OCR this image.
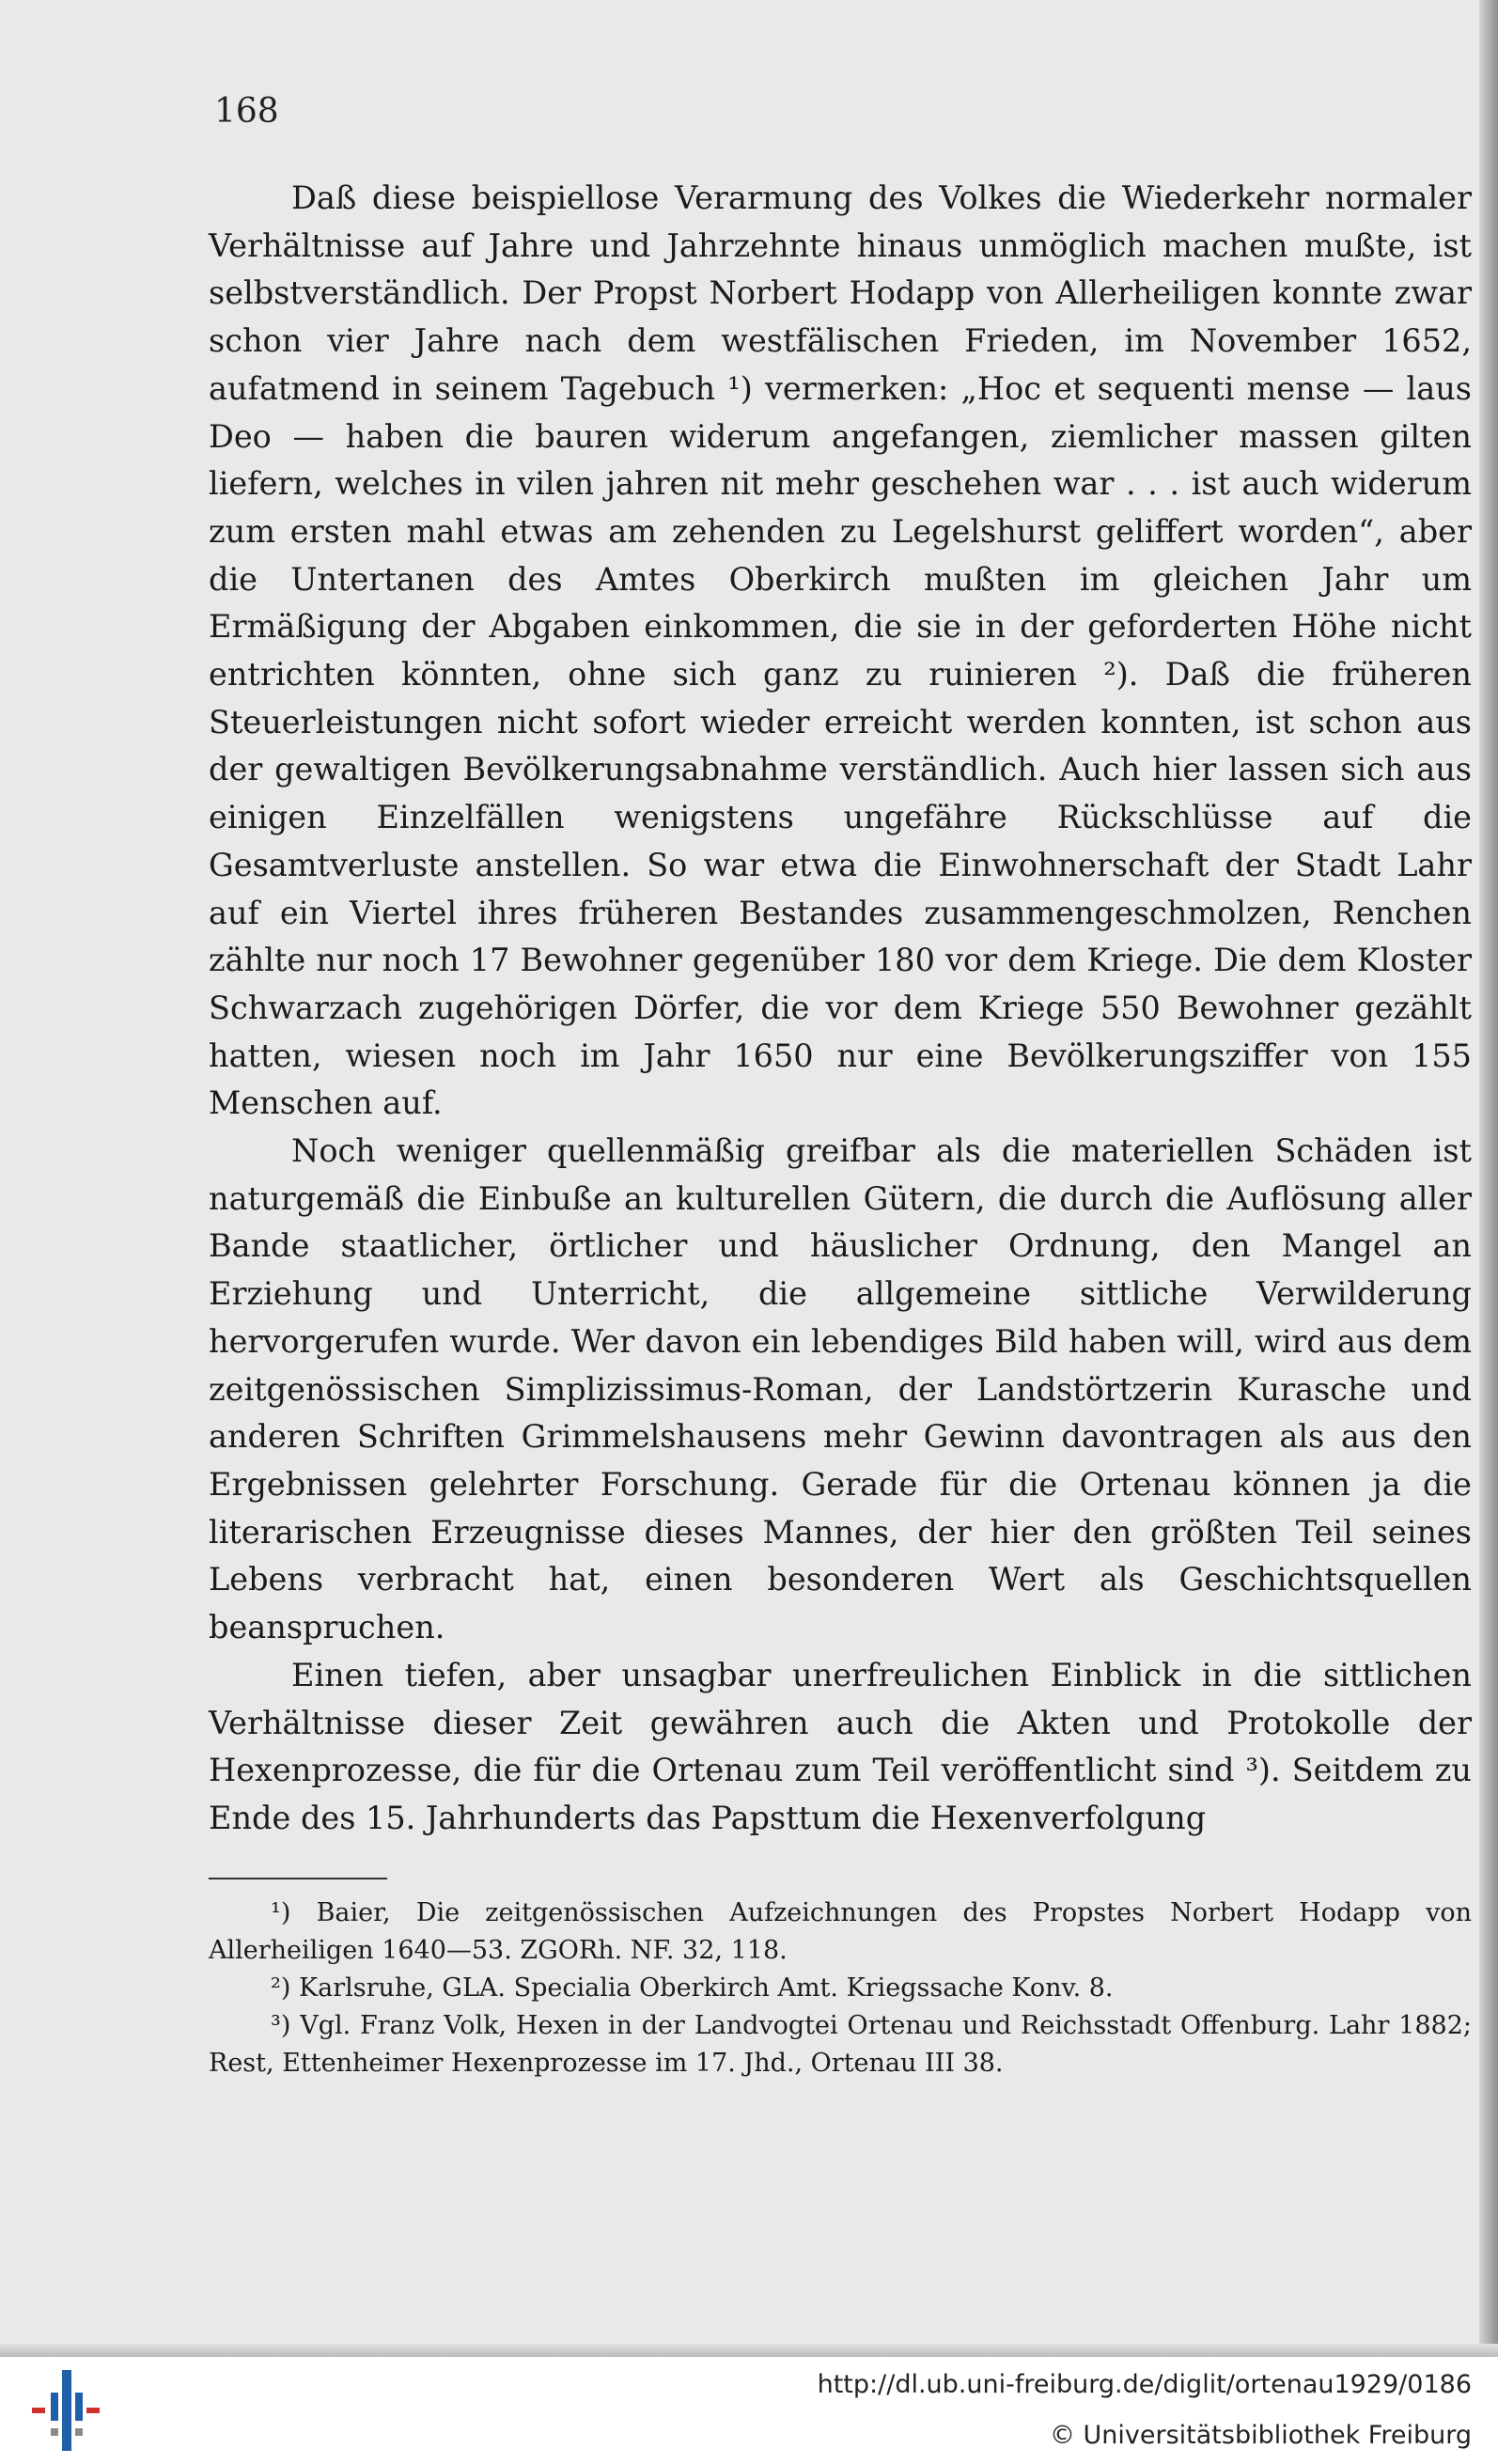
168

Daß diese beispiellose Verarmung des Volkes die Wiederkehr normaler Verhältnisse auf Jahre und Jahrzehnte hinaus unmöglich machen mußte, ist selbstverständlich. Der Propst Norbert Hodapp von Allerheiligen konnte zwar schon vier Jahre nach dem westfälischen Frieden, im November 1652, aufatmend in seinem Tagebuch ¹) vermerken: „Hoc et sequenti mense — laus Deo — haben die bauren widerum angefangen, ziemlicher massen gilten liefern, welches in vilen jahren nit mehr geschehen war . . . ist auch widerum zum ersten mahl etwas am zehenden zu Legelshurst geliffert worden“, aber die Untertanen des Amtes Oberkirch mußten im gleichen Jahr um Ermäßigung der Abgaben einkommen, die sie in der geforderten Höhe nicht entrichten könnten, ohne sich ganz zu ruinieren ²). Daß die früheren Steuerleistungen nicht sofort wieder erreicht werden konnten, ist schon aus der gewaltigen Bevölkerungsabnahme verständlich. Auch hier lassen sich aus einigen Einzelfällen wenigstens ungefähre Rückschlüsse auf die Gesamtverluste anstellen. So war etwa die Einwohnerschaft der Stadt Lahr auf ein Viertel ihres früheren Bestandes zusammengeschmolzen, Renchen zählte nur noch 17 Bewohner gegenüber 180 vor dem Kriege. Die dem Kloster Schwarzach zugehörigen Dörfer, die vor dem Kriege 550 Bewohner gezählt hatten, wiesen noch im Jahr 1650 nur eine Bevölkerungsziffer von 155 Menschen auf.

Noch weniger quellenmäßig greifbar als die materiellen Schäden ist naturgemäß die Einbuße an kulturellen Gütern, die durch die Auflösung aller Bande staatlicher, örtlicher und häuslicher Ordnung, den Mangel an Erziehung und Unterricht, die allgemeine sittliche Verwilderung hervorgerufen wurde. Wer davon ein lebendiges Bild haben will, wird aus dem zeitgenössischen Simplizissimus-Roman, der Landstörtzerin Kurasche und anderen Schriften Grimmelshausens mehr Gewinn davontragen als aus den Ergebnissen gelehrter Forschung. Gerade für die Ortenau können ja die literarischen Erzeugnisse dieses Mannes, der hier den größten Teil seines Lebens verbracht hat, einen besonderen Wert als Geschichtsquellen beanspruchen.

Einen tiefen, aber unsagbar unerfreulichen Einblick in die sittlichen Verhältnisse dieser Zeit gewähren auch die Akten und Protokolle der Hexenprozesse, die für die Ortenau zum Teil veröffentlicht sind ³). Seitdem zu Ende des 15. Jahrhunderts das Papsttum die Hexenverfolgung

¹) Baier, Die zeitgenössischen Aufzeichnungen des Propstes Norbert Hodapp von Allerheiligen 1640—53. ZGORh. NF. 32, 118.

²) Karlsruhe, GLA. Specialia Oberkirch Amt. Kriegssache Konv. 8.

³) Vgl. Franz Volk, Hexen in der Landvogtei Ortenau und Reichsstadt Offenburg. Lahr 1882; Rest, Ettenheimer Hexenprozesse im 17. Jhd., Ortenau III 38.

http://dl.ub.uni-freiburg.de/diglit/ortenau1929/0186
© Universitätsbibliothek Freiburg
